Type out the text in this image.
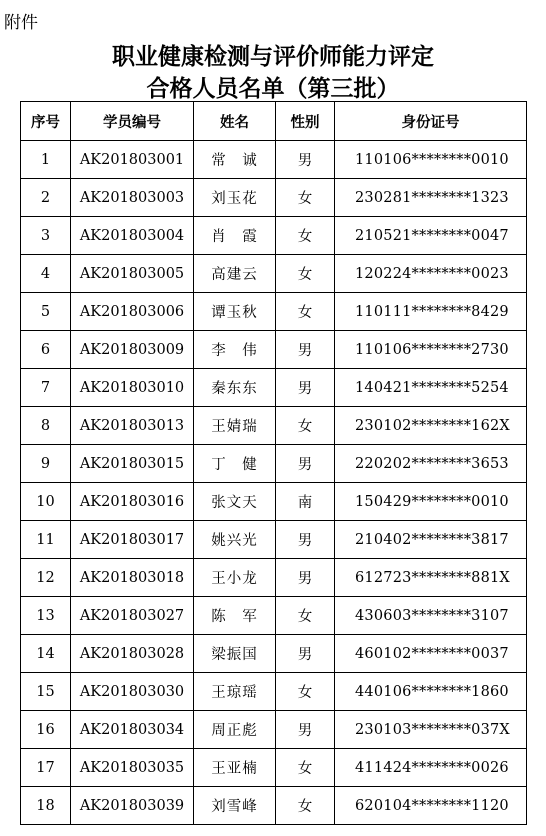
附件
职业健康检测与评价师能力评定
合格人员名单（第三批）
序号	学员编号	姓名	性别	身份证号
1	AK201803001	常　诚	男	110106********0010
2	AK201803003	刘玉花	女	230281********1323
3	AK201803004	肖　霞	女	210521********0047
4	AK201803005	高建云	女	120224********0023
5	AK201803006	谭玉秋	女	110111********8429
6	AK201803009	李　伟	男	110106********2730
7	AK201803010	秦东东	男	140421********5254
8	AK201803013	王婧瑞	女	230102********162X
9	AK201803015	丁　健	男	220202********3653
10	AK201803016	张文天	南	150429********0010
11	AK201803017	姚兴光	男	210402********3817
12	AK201803018	王小龙	男	612723********881X
13	AK201803027	陈　军	女	430603********3107
14	AK201803028	梁振国	男	460102********0037
15	AK201803030	王琼瑶	女	440106********1860
16	AK201803034	周正彪	男	230103********037X
17	AK201803035	王亚楠	女	411424********0026
18	AK201803039	刘雪峰	女	620104********1120
